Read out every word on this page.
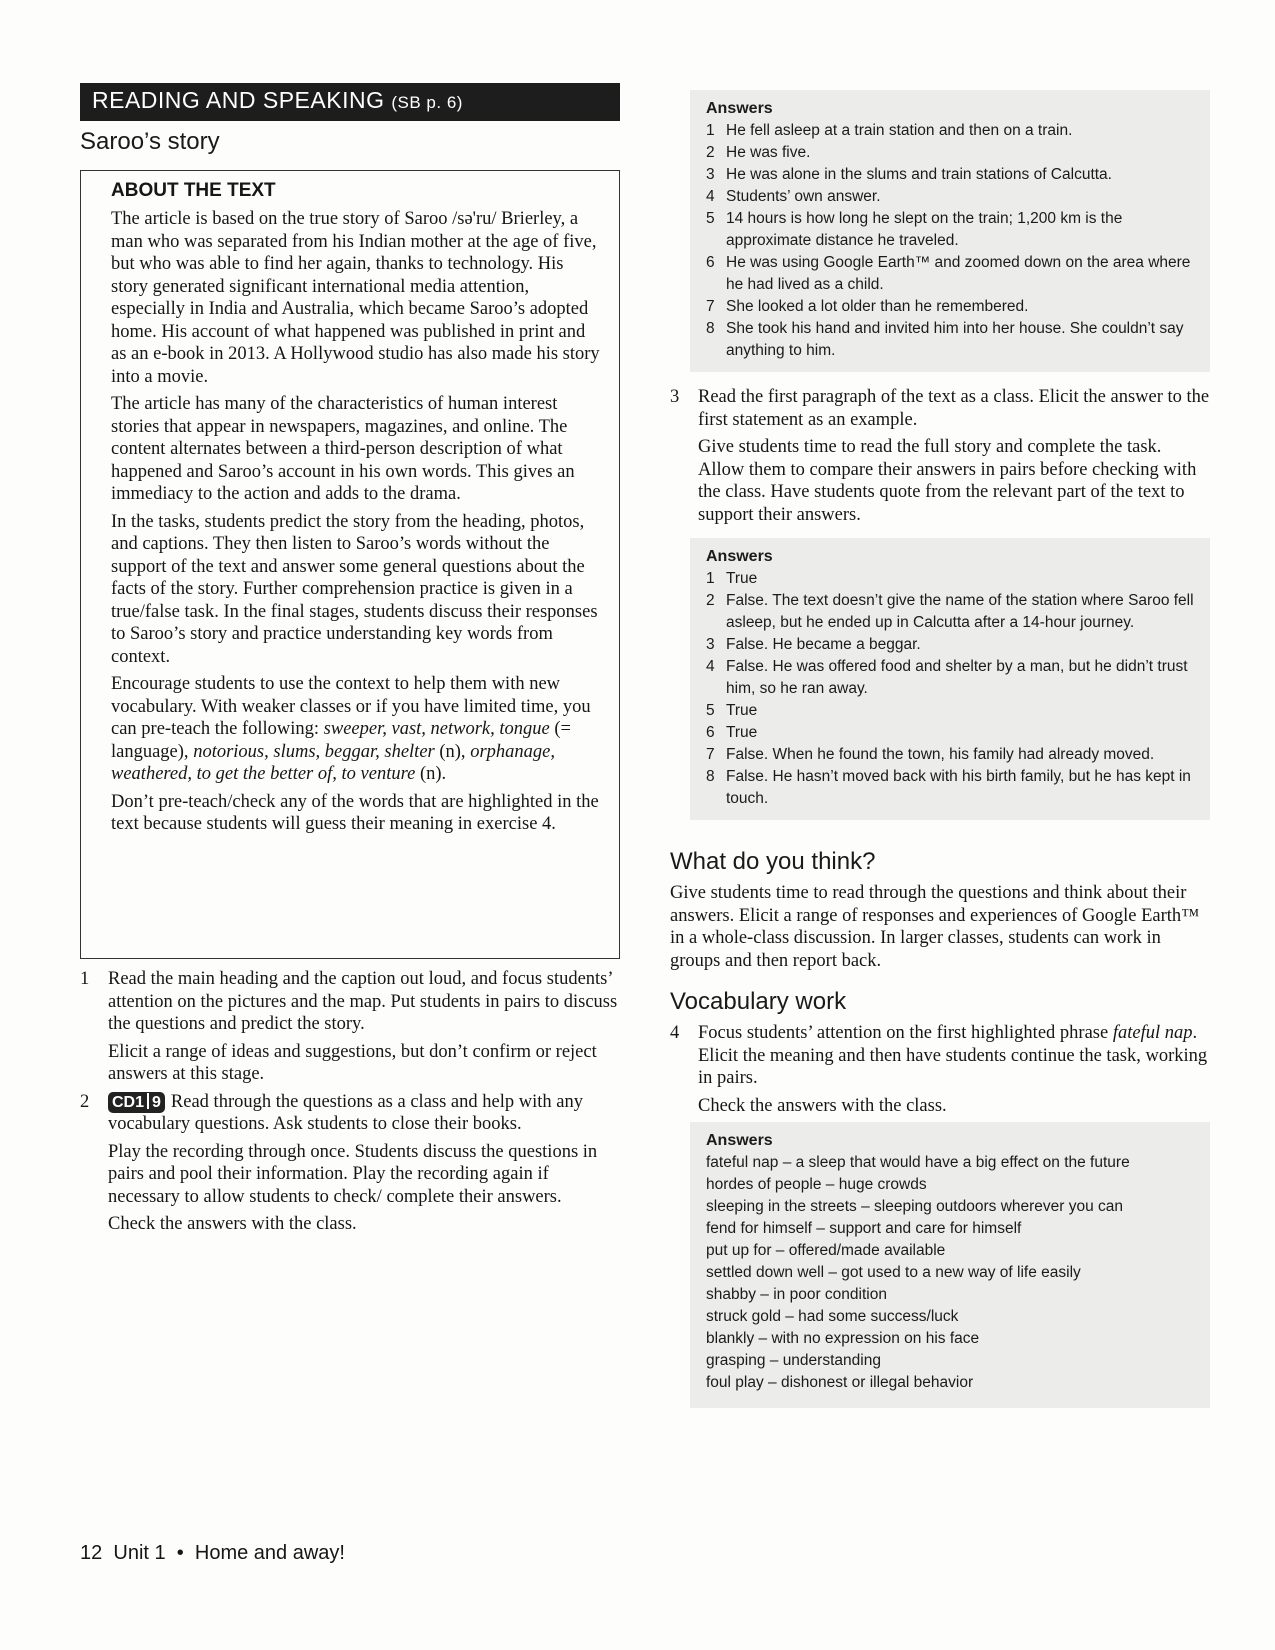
READING AND SPEAKING (SB p. 6)
Saroo’s story
ABOUT THE TEXT

The article is based on the true story of Saroo /sə'ru/ Brierley, a man who was separated from his Indian mother at the age of five, but who was able to find her again, thanks to technology. His story generated significant international media attention, especially in India and Australia, which became Saroo’s adopted home. His account of what happened was published in print and as an e-book in 2013. A Hollywood studio has also made his story into a movie.

The article has many of the characteristics of human interest stories that appear in newspapers, magazines, and online. The content alternates between a third-person description of what happened and Saroo’s account in his own words. This gives an immediacy to the action and adds to the drama.

In the tasks, students predict the story from the heading, photos, and captions. They then listen to Saroo’s words without the support of the text and answer some general questions about the facts of the story. Further comprehension practice is given in a true/false task. In the final stages, students discuss their responses to Saroo’s story and practice understanding key words from context.

Encourage students to use the context to help them with new vocabulary. With weaker classes or if you have limited time, you can pre-teach the following: sweeper, vast, network, tongue (= language), notorious, slums, beggar, shelter (n), orphanage, weathered, to get the better of, to venture (n).

Don’t pre-teach/check any of the words that are highlighted in the text because students will guess their meaning in exercise 4.

1 Read the main heading and the caption out loud, and focus students’ attention on the pictures and the map. Put students in pairs to discuss the questions and predict the story.

Elicit a range of ideas and suggestions, but don’t confirm or reject answers at this stage.

2 CD1 9 Read through the questions as a class and help with any vocabulary questions. Ask students to close their books.

Play the recording through once. Students discuss the questions in pairs and pool their information. Play the recording again if necessary to allow students to check/ complete their answers.

Check the answers with the class.

Answers
1 He fell asleep at a train station and then on a train.
2 He was five.
3 He was alone in the slums and train stations of Calcutta.
4 Students’ own answer.
5 14 hours is how long he slept on the train; 1,200 km is the approximate distance he traveled.
6 He was using Google Earth™ and zoomed down on the area where he had lived as a child.
7 She looked a lot older than he remembered.
8 She took his hand and invited him into her house. She couldn’t say anything to him.
3 Read the first paragraph of the text as a class. Elicit the answer to the first statement as an example.

Give students time to read the full story and complete the task. Allow them to compare their answers in pairs before checking with the class. Have students quote from the relevant part of the text to support their answers.

Answers
1 True
2 False. The text doesn’t give the name of the station where Saroo fell asleep, but he ended up in Calcutta after a 14-hour journey.
3 False. He became a beggar.
4 False. He was offered food and shelter by a man, but he didn’t trust him, so he ran away.
5 True
6 True
7 False. When he found the town, his family had already moved.
8 False. He hasn’t moved back with his birth family, but he has kept in touch.
What do you think?

Give students time to read through the questions and think about their answers. Elicit a range of responses and experiences of Google Earth™ in a whole-class discussion. In larger classes, students can work in groups and then report back.

Vocabulary work
4 Focus students’ attention on the first highlighted phrase fateful nap. Elicit the meaning and then have students continue the task, working in pairs.

Check the answers with the class.

Answers
fateful nap – a sleep that would have a big effect on the future
hordes of people – huge crowds
sleeping in the streets – sleeping outdoors wherever you can
fend for himself – support and care for himself
put up for – offered/made available
settled down well – got used to a new way of life easily
shabby – in poor condition
struck gold – had some success/luck
blankly – with no expression on his face
grasping – understanding
foul play – dishonest or illegal behavior
12 Unit 1 • Home and away!
